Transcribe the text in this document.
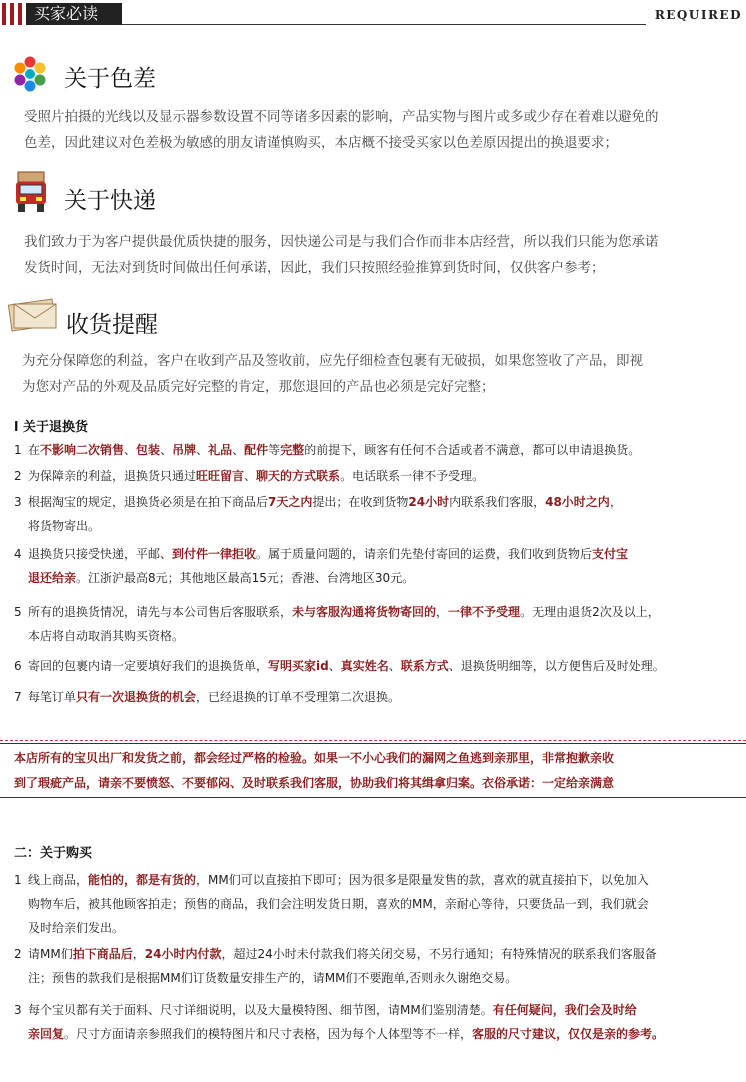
买家必读	REQUIRED
关于色差

受照片拍摄的光线以及显示器参数设置不同等诸多因素的影响，产品实物与图片或多或少存在着难以避免的

色差，因此建议对色差极为敏感的朋友请谨慎购买，本店概不接受买家以色差原因提出的换退要求；

关于快递

我们致力于为客户提供最优质快捷的服务，因快递公司是与我们合作而非本店经营，所以我们只能为您承诺

发货时间，无法对到货时间做出任何承诺，因此，我们只按照经验推算到货时间，仅供客户参考；

收货提醒

为充分保障您的利益，客户在收到产品及签收前，应先仔细检查包裹有无破损，如果您签收了产品，即视

为您对产品的外观及品质完好完整的肯定，那您退回的产品也必须是完好完整；

l 关于退换货
1 在不影响二次销售、包装、吊牌、礼品、配件等完整的前提下，顾客有任何不合适或者不满意，都可以申请退换货。
2 为保障亲的利益，退换货只通过旺旺留言、聊天的方式联系。电话联系一律不予受理。
3 根据淘宝的规定，退换货必须是在拍下商品后7天之内提出；在收到货物24小时内联系我们客服，48小时之内，
将货物寄出。
4 退换货只接受快递，平邮、到付件一律拒收。属于质量问题的，请亲们先垫付寄回的运费，我们收到货物后支付宝
退还给亲。江浙沪最高8元；其他地区最高15元；香港、台湾地区30元。
5 所有的退换货情况，请先与本公司售后客服联系，未与客服沟通将货物寄回的，一律不予受理。无理由退货2次及以上，
本店将自动取消其购买资格。
6 寄回的包裹内请一定要填好我们的退换货单，写明买家id、真实姓名、联系方式、退换货明细等，以方便售后及时处理。
7 每笔订单只有一次退换货的机会，已经退换的订单不受理第二次退换。
本店所有的宝贝出厂和发货之前，都会经过严格的检验。如果一不小心我们的漏网之鱼逃到亲那里，非常抱歉亲收
到了瑕疵产品，请亲不要愤怒、不要郁闷、及时联系我们客服，协助我们将其缉拿归案。衣俗承诺：一定给亲满意
二：关于购买
1 线上商品，能怕的，都是有货的，MM们可以直接拍下即可；因为很多是限量发售的款，喜欢的就直接拍下，以免加入
购物车后，被其他顾客拍走；预售的商品，我们会注明发货日期，喜欢的MM，亲耐心等待，只要货品一到，我们就会
及时给亲们发出。
2 请MM们拍下商品后，24小时内付款，超过24小时未付款我们将关闭交易，不另行通知；有特殊情况的联系我们客服备
注；预售的款我们是根据MM们订货数量安排生产的，请MM们不要跑单,否则永久谢绝交易。
3 每个宝贝都有关于面料、尺寸详细说明，以及大量模特图、细节图，请MM们鉴别清楚。有任何疑问，我们会及时给
亲回复。尺寸方面请亲参照我们的模特图片和尺寸表格，因为每个人体型等不一样，客服的尺寸建议，仅仅是亲的参考。
